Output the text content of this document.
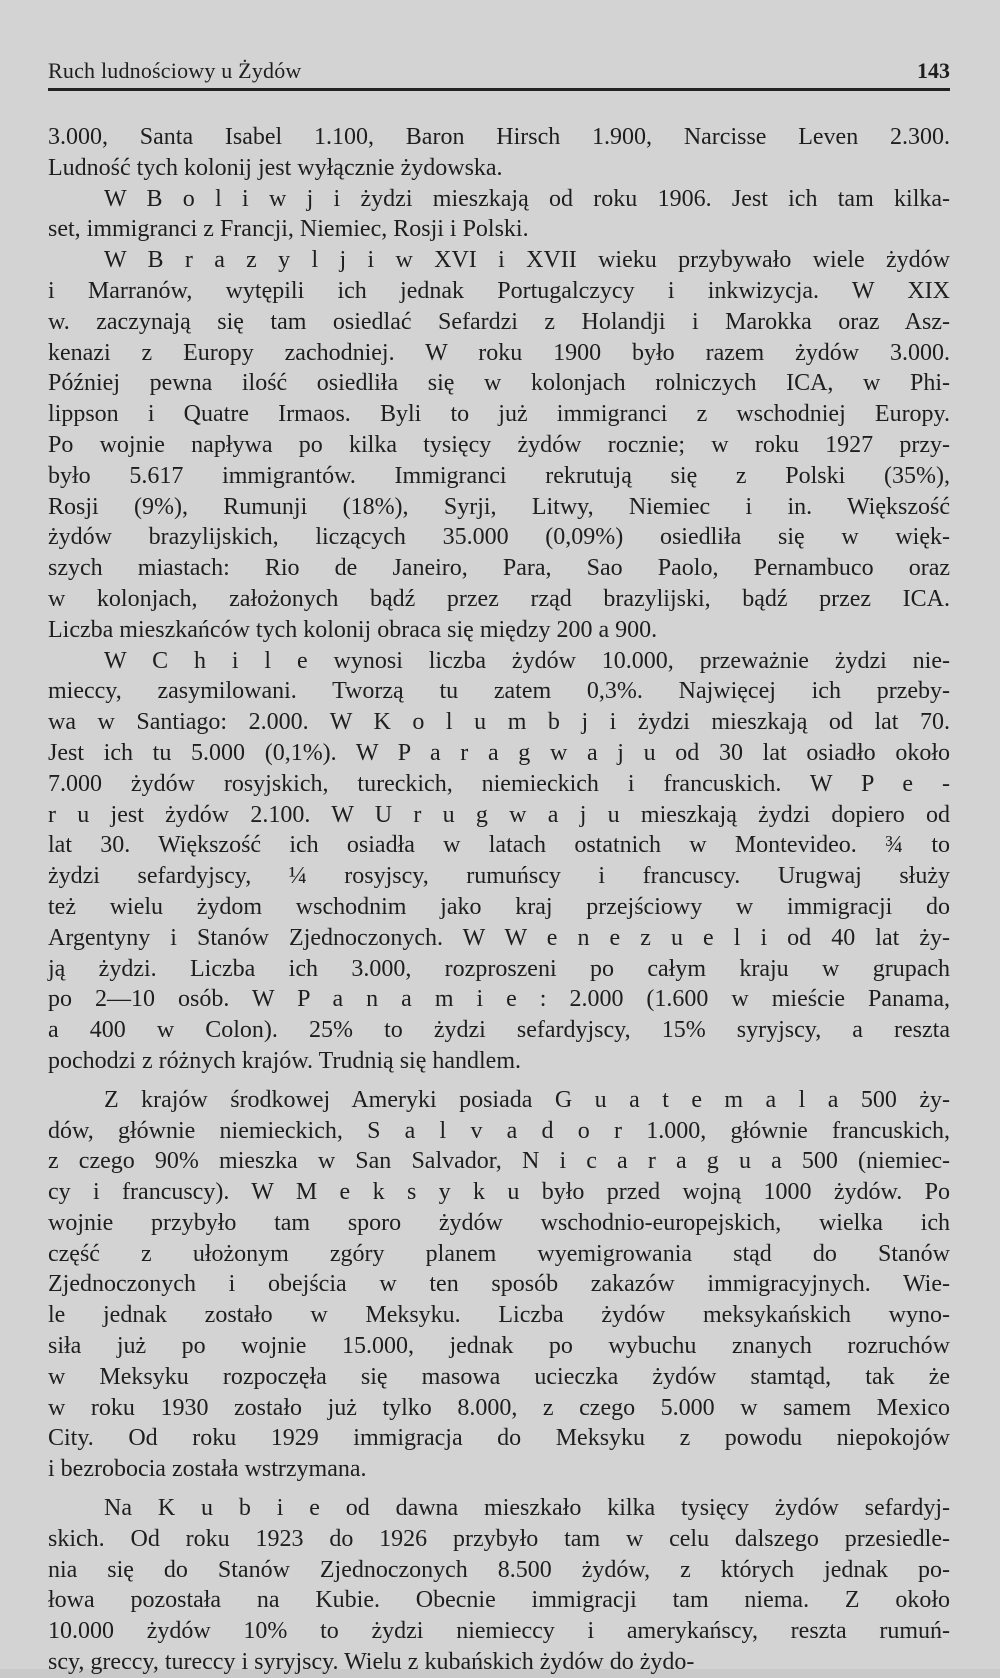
Ruch ludnościowy u Żydów	143
3.000, Santa Isabel 1.100, Baron Hirsch 1.900, Narcisse Leven 2.300.
Ludność tych kolonij jest wyłącznie żydowska.
W B o l i w j i żydzi mieszkają od roku 1906. Jest ich tam kilka-
set, immigranci z Francji, Niemiec, Rosji i Polski.
W B r a z y l j i w XVI i XVII wieku przybywało wiele żydów
i Marranów, wytępili ich jednak Portugalczycy i inkwizycja. W XIX
w. zaczynają się tam osiedlać Sefardzi z Holandji i Marokka oraz Asz-
kenazi z Europy zachodniej. W roku 1900 było razem żydów 3.000.
Później pewna ilość osiedliła się w kolonjach rolniczych ICA, w Phi-
lippson i Quatre Irmaos. Byli to już immigranci z wschodniej Europy.
Po wojnie napływa po kilka tysięcy żydów rocznie; w roku 1927 przy-
było 5.617 immigrantów. Immigranci rekrutują się z Polski (35%),
Rosji (9%), Rumunji (18%), Syrji, Litwy, Niemiec i in. Większość
żydów brazylijskich, liczących 35.000 (0,09%) osiedliła się w więk-
szych miastach: Rio de Janeiro, Para, Sao Paolo, Pernambuco oraz
w kolonjach, założonych bądź przez rząd brazylijski, bądź przez ICA.
Liczba mieszkańców tych kolonij obraca się między 200 a 900.
W C h i l e wynosi liczba żydów 10.000, przeważnie żydzi nie-
mieccy, zasymilowani. Tworzą tu zatem 0,3%. Najwięcej ich przeby-
wa w Santiago: 2.000. W K o l u m b j i żydzi mieszkają od lat 70.
Jest ich tu 5.000 (0,1%). W P a r a g w a j u od 30 lat osiadło około
7.000 żydów rosyjskich, tureckich, niemieckich i francuskich. W P e -
r u jest żydów 2.100. W U r u g w a j u mieszkają żydzi dopiero od
lat 30. Większość ich osiadła w latach ostatnich w Montevideo. ¾ to
żydzi sefardyjscy, ¼ rosyjscy, rumuńscy i francuscy. Urugwaj służy
też wielu żydom wschodnim jako kraj przejściowy w immigracji do
Argentyny i Stanów Zjednoczonych. W W e n e z u e l i od 40 lat ży-
ją żydzi. Liczba ich 3.000, rozproszeni po całym kraju w grupach
po 2—10 osób. W P a n a m i e : 2.000 (1.600 w mieście Panama,
a 400 w Colon). 25% to żydzi sefardyjscy, 15% syryjscy, a reszta
pochodzi z różnych krajów. Trudnią się handlem.
Z krajów środkowej Ameryki posiada G u a t e m a l a 500 ży-
dów, głównie niemieckich, S a l v a d o r 1.000, głównie francuskich,
z czego 90% mieszka w San Salvador, N i c a r a g u a 500 (niemiec-
cy i francuscy). W M e k s y k u było przed wojną 1000 żydów. Po
wojnie przybyło tam sporo żydów wschodnio-europejskich, wielka ich
część z ułożonym zgóry planem wyemigrowania stąd do Stanów
Zjednoczonych i obejścia w ten sposób zakazów immigracyjnych. Wie-
le jednak zostało w Meksyku. Liczba żydów meksykańskich wyno-
siła już po wojnie 15.000, jednak po wybuchu znanych rozruchów
w Meksyku rozpoczęła się masowa ucieczka żydów stamtąd, tak że
w roku 1930 zostało już tylko 8.000, z czego 5.000 w samem Mexico
City. Od roku 1929 immigracja do Meksyku z powodu niepokojów
i bezrobocia została wstrzymana.
Na K u b i e od dawna mieszkało kilka tysięcy żydów sefardyj-
skich. Od roku 1923 do 1926 przybyło tam w celu dalszego przesiedle-
nia się do Stanów Zjednoczonych 8.500 żydów, z których jednak po-
łowa pozostała na Kubie. Obecnie immigracji tam niema. Z około
10.000 żydów 10% to żydzi niemieccy i amerykańscy, reszta rumuń-
scy, greccy, tureccy i syryjscy. Wielu z kubańskich żydów do żydo-
